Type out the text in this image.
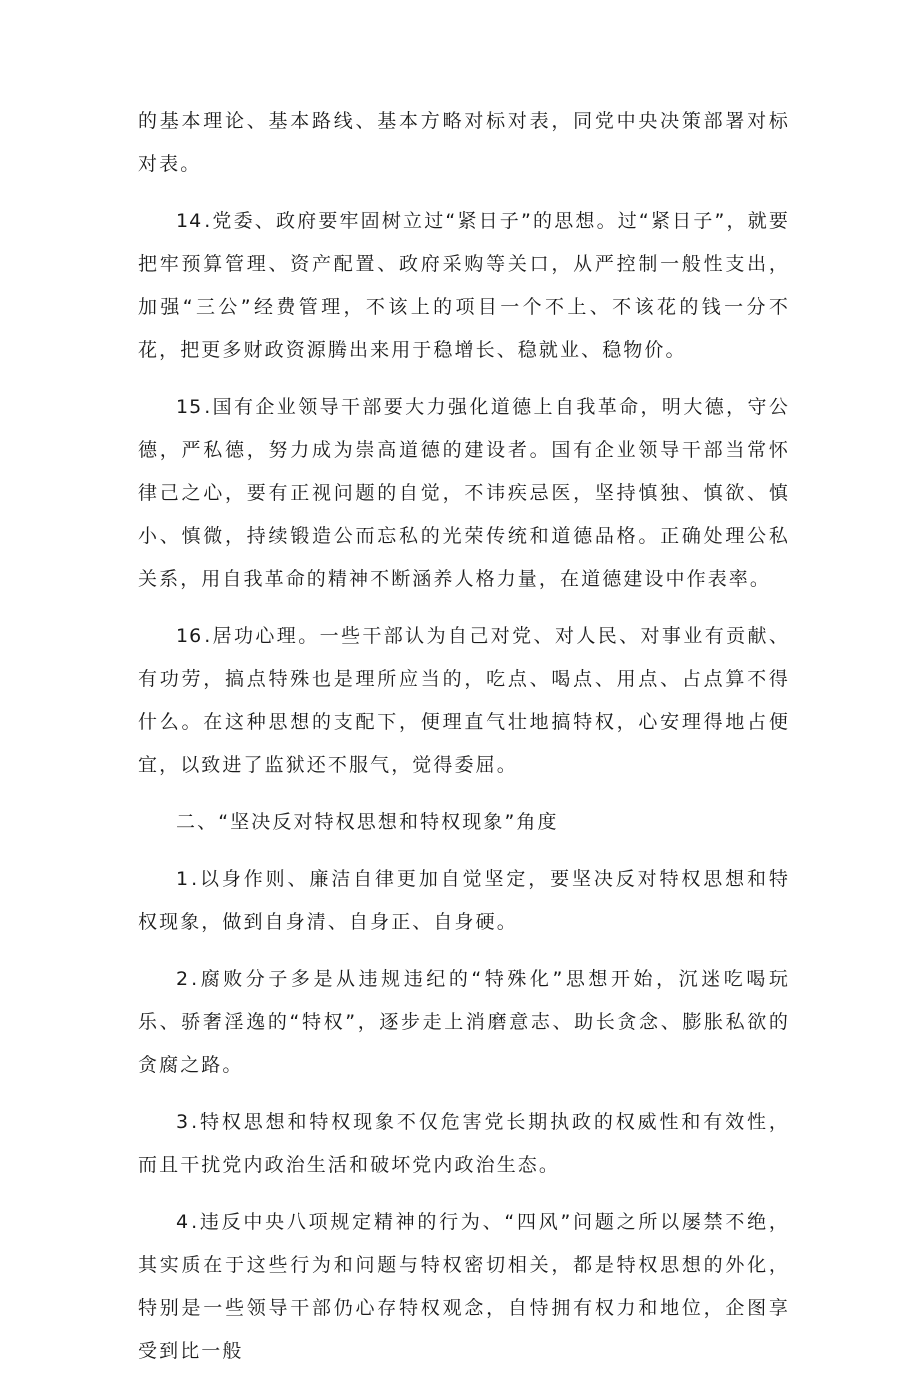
的基本理论、基本路线、基本方略对标对表，同党中央决策部署对标对表。

14 .党委、政府要牢固树立过“紧日子”的思想。过“紧日子”，就要把牢预算管理、资产配置、政府采购等关口，从严控制一般性支出，加强“三公”经费管理，不该上的项目一个不上、不该花的钱一分不花，把更多财政资源腾出来用于稳增长、稳就业、稳物价。

15 .国有企业领导干部要大力强化道德上自我革命，明大德，守公德，严私德，努力成为崇高道德的建设者。国有企业领导干部当常怀律己之心，要有正视问题的自觉，不讳疾忌医，坚持慎独、慎欲、慎小、慎微，持续锻造公而忘私的光荣传统和道德品格。正确处理公私关系，用自我革命的精神不断涵养人格力量，在道德建设中作表率。

16 .居功心理。一些干部认为自己对党、对人民、对事业有贡献、有功劳，搞点特殊也是理所应当的，吃点、喝点、用点、占点算不得什么。在这种思想的支配下，便理直气壮地搞特权，心安理得地占便宜，以致进了监狱还不服气，觉得委屈。

二、“坚决反对特权思想和特权现象”角度

1 .以身作则、廉洁自律更加自觉坚定，要坚决反对特权思想和特权现象，做到自身清、自身正、自身硬。

2 .腐败分子多是从违规违纪的“特殊化”思想开始，沉迷吃喝玩乐、骄奢淫逸的“特权”，逐步走上消磨意志、助长贪念、膨胀私欲的贪腐之路。

3 .特权思想和特权现象不仅危害党长期执政的权威性和有效性，而且干扰党内政治生活和破坏党内政治生态。

4 .违反中央八项规定精神的行为、“四风”问题之所以屡禁不绝，其实质在于这些行为和问题与特权密切相关，都是特权思想的外化，特别是一些领导干部仍心存特权观念，自恃拥有权力和地位，企图享受到比一般
